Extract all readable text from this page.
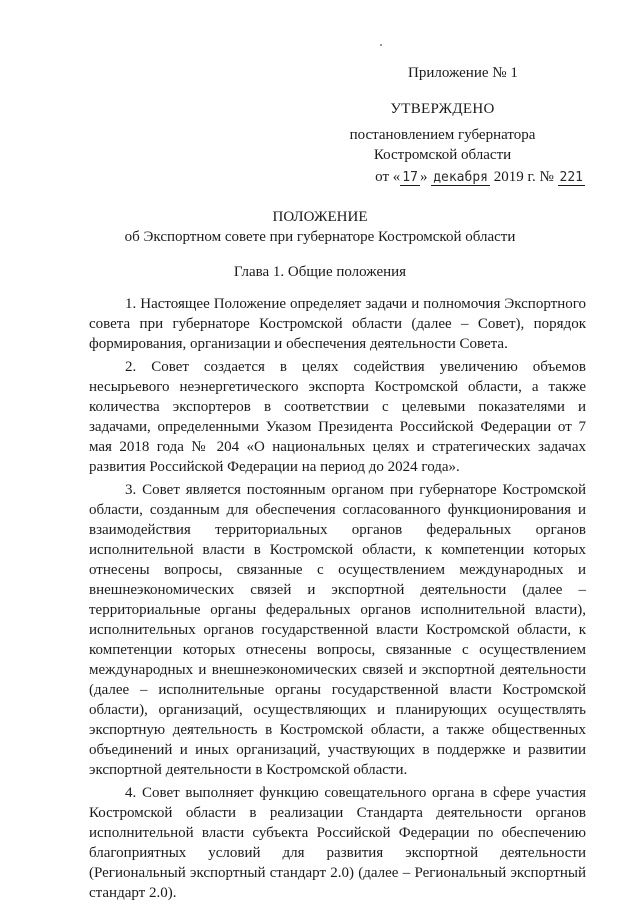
Приложение № 1
УТВЕРЖДЕНО
постановлением губернатора
Костромской области
от « 17 » декабря 2019 г. № 221
ПОЛОЖЕНИЕ
об Экспортном совете при губернаторе Костромской области
Глава 1. Общие положения

1. Настоящее Положение определяет задачи и полномочия Экспортного совета при губернаторе Костромской области (далее – Совет), порядок формирования, организации и обеспечения деятельности Совета.

2. Совет создается в целях содействия увеличению объемов несырьевого неэнергетического экспорта Костромской области, а также количества экспортеров в соответствии с целевыми показателями и задачами, определенными Указом Президента Российской Федерации от 7 мая 2018 года № 204 «О национальных целях и стратегических задачах развития Российской Федерации на период до 2024 года».

3. Совет является постоянным органом при губернаторе Костромской области, созданным для обеспечения согласованного функционирования и взаимодействия территориальных органов федеральных органов исполнительной власти в Костромской области, к компетенции которых отнесены вопросы, связанные с осуществлением международных и внешнеэкономических связей и экспортной деятельности (далее – территориальные органы федеральных органов исполнительной власти), исполнительных органов государственной власти Костромской области, к компетенции которых отнесены вопросы, связанные с осуществлением международных и внешнеэкономических связей и экспортной деятельности (далее – исполнительные органы государственной власти Костромской области), организаций, осуществляющих и планирующих осуществлять экспортную деятельность в Костромской области, а также общественных объединений и иных организаций, участвующих в поддержке и развитии экспортной деятельности в Костромской области.

4. Совет выполняет функцию совещательного органа в сфере участия Костромской области в реализации Стандарта деятельности органов исполнительной власти субъекта Российской Федерации по обеспечению благоприятных условий для развития экспортной деятельности (Региональный экспортный стандарт 2.0) (далее – Региональный экспортный стандарт 2.0).
